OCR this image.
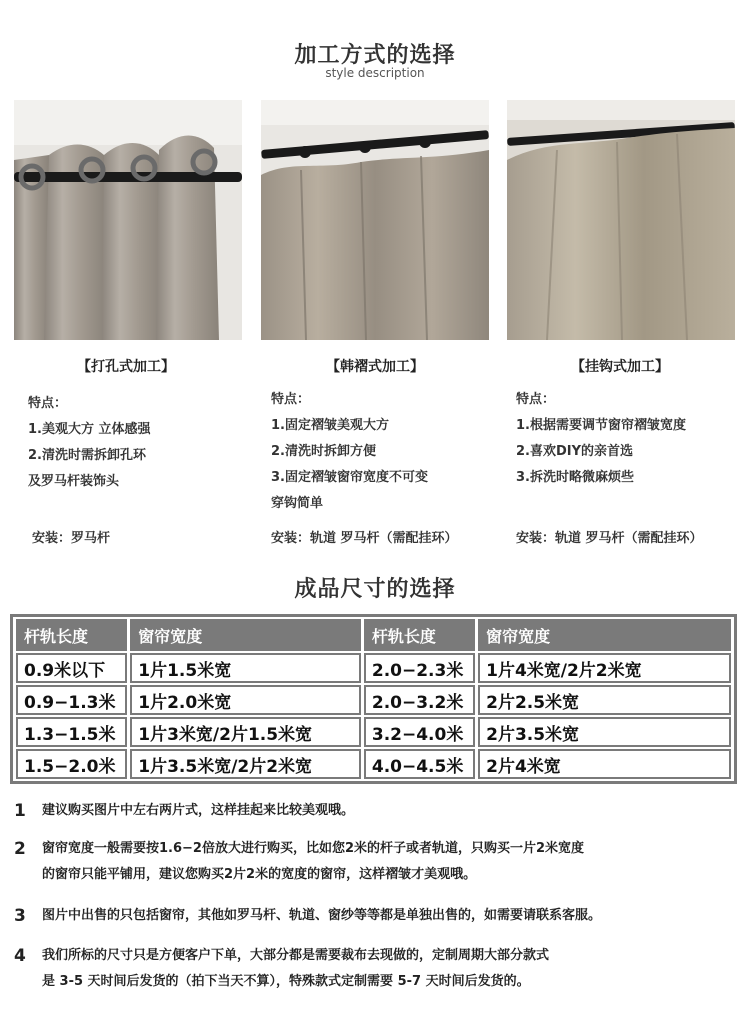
加工方式的选择
style description
【打孔式加工】	【韩褶式加工】	【挂钩式加工】
特点：
1.美观大方 立体感强
2.清洗时需拆卸孔环
及罗马杆装饰头
特点：
1.固定褶皱美观大方
2.清洗时拆卸方便
3.固定褶皱窗帘宽度不可变
穿钩简单
特点：
1.根据需要调节窗帘褶皱宽度
2.喜欢DIY的亲首选
3.拆洗时略微麻烦些
安装：罗马杆	安装：轨道 罗马杆（需配挂环）	安装：轨道 罗马杆（需配挂环）
成品尺寸的选择
杆轨长度	窗帘宽度	杆轨长度	窗帘宽度
0.9米以下	1片1.5米宽	2.0−2.3米	1片4米宽/2片2米宽
0.9−1.3米	1片2.0米宽	2.0−3.2米	2片2.5米宽
1.3−1.5米	1片3米宽/2片1.5米宽	3.2−4.0米	2片3.5米宽
1.5−2.0米	1片3.5米宽/2片2米宽	4.0−4.5米	2片4米宽
1 建议购买图片中左右两片式，这样挂起来比较美观哦。
2 窗帘宽度一般需要按1.6−2倍放大进行购买，比如您2米的杆子或者轨道，只购买一片2米宽度
的窗帘只能平铺用，建议您购买2片2米的宽度的窗帘，这样褶皱才美观哦。
3 图片中出售的只包括窗帘，其他如罗马杆、轨道、窗纱等等都是单独出售的，如需要请联系客服。
4 我们所标的尺寸只是方便客户下单，大部分都是需要裁布去现做的，定制周期大部分款式
是 3-5 天时间后发货的（拍下当天不算），特殊款式定制需要 5-7 天时间后发货的。
